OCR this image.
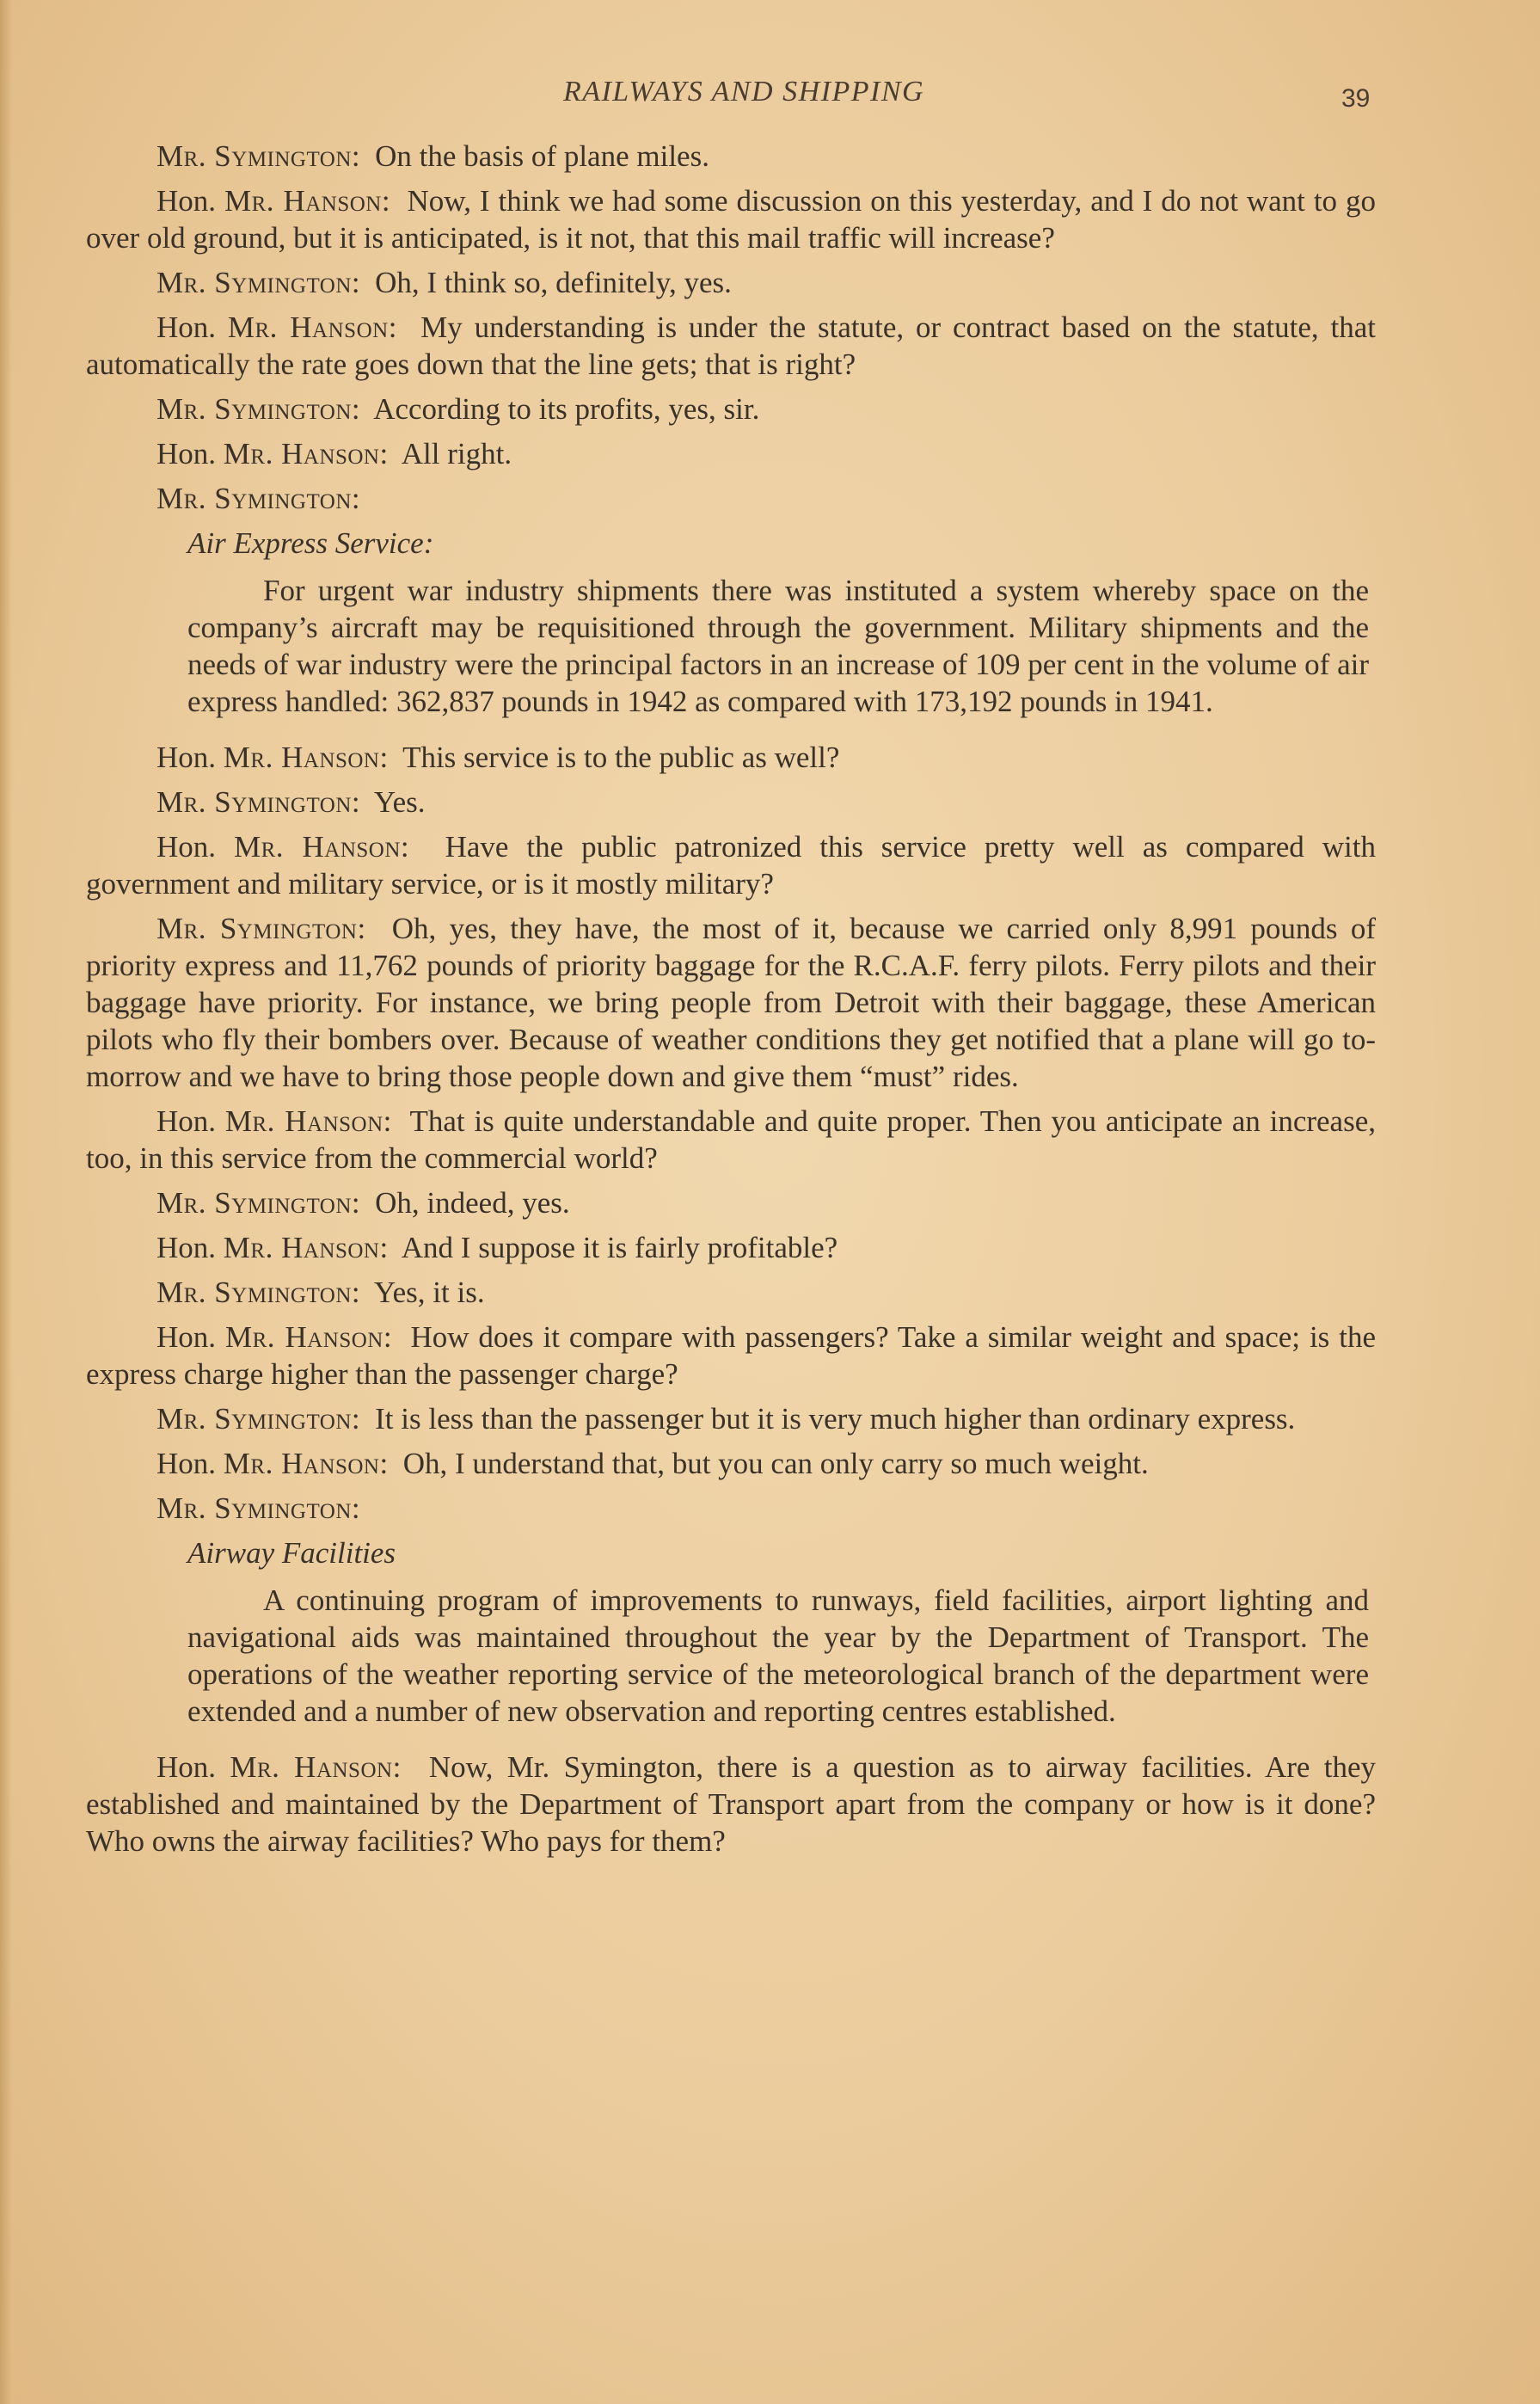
RAILWAYS AND SHIPPING	39

Mr. Symington:  On the basis of plane miles.

Hon. Mr. Hanson:  Now, I think we had some discussion on this yesterday, and I do not want to go over old ground, but it is anticipated, is it not, that this mail traffic will increase?

Mr. Symington:  Oh, I think so, definitely, yes.

Hon. Mr. Hanson:  My understanding is under the statute, or contract based on the statute, that automatically the rate goes down that the line gets; that is right?

Mr. Symington:  According to its profits, yes, sir.

Hon. Mr. Hanson:  All right.

Mr. Symington:

Air Express Service:
For urgent war industry shipments there was instituted a system whereby space on the company’s aircraft may be requisitioned through the government. Military shipments and the needs of war industry were the principal factors in an increase of 109 per cent in the volume of air express handled: 362,837 pounds in 1942 as compared with 173,192 pounds in 1941.

Hon. Mr. Hanson:  This service is to the public as well?

Mr. Symington:  Yes.

Hon. Mr. Hanson:  Have the public patronized this service pretty well as compared with government and military service, or is it mostly military?

Mr. Symington:  Oh, yes, they have, the most of it, because we carried only 8,991 pounds of priority express and 11,762 pounds of priority baggage for the R.C.A.F. ferry pilots. Ferry pilots and their baggage have priority. For instance, we bring people from Detroit with their baggage, these American pilots who fly their bombers over. Because of weather conditions they get notified that a plane will go to-morrow and we have to bring those people down and give them “must” rides.

Hon. Mr. Hanson:  That is quite understandable and quite proper. Then you anticipate an increase, too, in this service from the commercial world?

Mr. Symington:  Oh, indeed, yes.

Hon. Mr. Hanson:  And I suppose it is fairly profitable?

Mr. Symington:  Yes, it is.

Hon. Mr. Hanson:  How does it compare with passengers? Take a similar weight and space; is the express charge higher than the passenger charge?

Mr. Symington:  It is less than the passenger but it is very much higher than ordinary express.

Hon. Mr. Hanson:  Oh, I understand that, but you can only carry so much weight.

Mr. Symington:

Airway Facilities
A continuing program of improvements to runways, field facilities, airport lighting and navigational aids was maintained throughout the year by the Department of Transport. The operations of the weather reporting service of the meteorological branch of the department were extended and a number of new observation and reporting centres established.

Hon. Mr. Hanson:  Now, Mr. Symington, there is a question as to airway facilities. Are they established and maintained by the Department of Transport apart from the company or how is it done? Who owns the airway facilities? Who pays for them?
